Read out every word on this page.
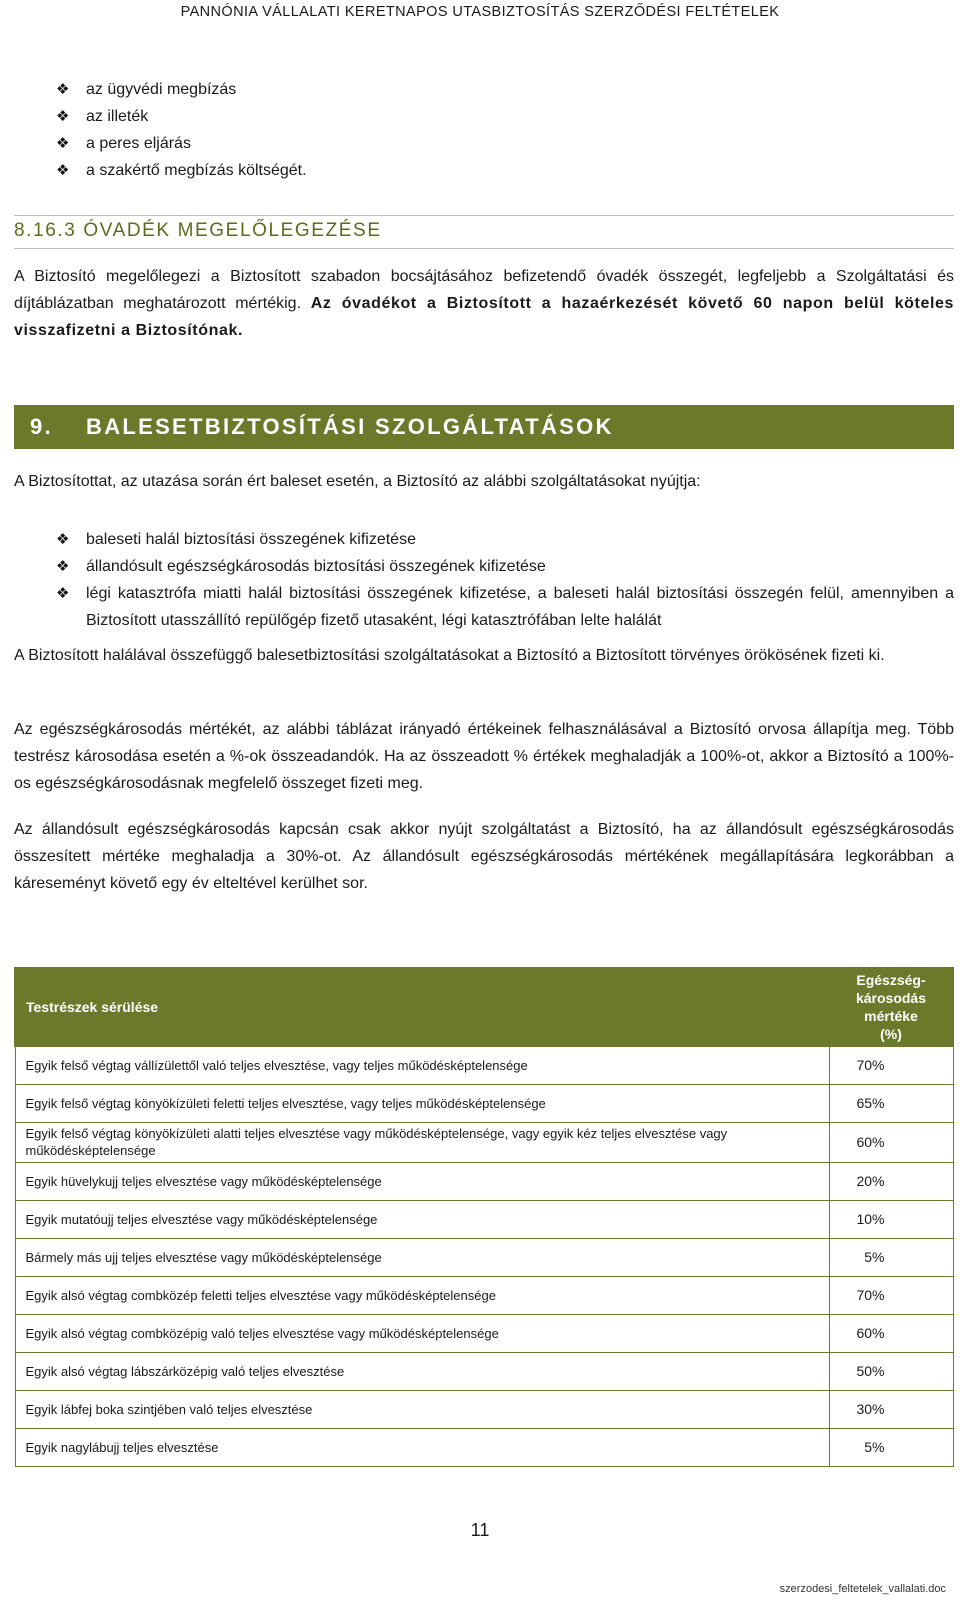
PANNÓNIA VÁLLALATI KERETNAPOS UTASBIZTOSÍTÁS SZERZŐDÉSI FELTÉTELEK
❖ az ügyvédi megbízás
❖ az illeték
❖ a peres eljárás
❖ a szakértő megbízás költségét.
8.16.3 ÓVADÉK MEGELŐLEGEZÉSE

A Biztosító megelőlegezi a Biztosított szabadon bocsájtásához befizetendő óvadék összegét, legfeljebb a Szolgáltatási és díjtáblázatban meghatározott mértékig. Az óvadékot a Biztosított a hazaérkezését követő 60 napon belül köteles visszafizetni a Biztosítónak.

9. BALESETBIZTOSÍTÁSI SZOLGÁLTATÁSOK

A Biztosítottat, az utazása során ért baleset esetén, a Biztosító az alábbi szolgáltatásokat nyújtja:

❖ baleseti halál biztosítási összegének kifizetése
❖ állandósult egészségkárosodás biztosítási összegének kifizetése
❖ légi katasztrófa miatti halál biztosítási összegének kifizetése, a baleseti halál biztosítási összegén felül, amennyiben a Biztosított utasszállító repülőgép fizető utasaként, légi katasztrófában lelte halálát

A Biztosított halálával összefüggő balesetbiztosítási szolgáltatásokat a Biztosító a Biztosított törvényes örökösének fizeti ki.

Az egészségkárosodás mértékét, az alábbi táblázat irányadó értékeinek felhasználásával a Biztosító orvosa állapítja meg. Több testrész károsodása esetén a %-ok összeadandók. Ha az összeadott % értékek meghaladják a 100%-ot, akkor a Biztosító a 100%-os egészségkárosodásnak megfelelő összeget fizeti meg.

Az állandósult egészségkárosodás kapcsán csak akkor nyújt szolgáltatást a Biztosító, ha az állandósult egészségkárosodás összesített mértéke meghaladja a 30%-ot. Az állandósult egészségkárosodás mértékének megállapítására legkorábban a káreseményt követő egy év elteltével kerülhet sor.

Testrészek sérülése	Egészség-
károsodás
mértéke
(%)
Egyik felső végtag vállízülettől való teljes elvesztése, vagy teljes működésképtelensége	70%
Egyik felső végtag könyökízületi feletti teljes elvesztése, vagy teljes működésképtelensége	65%
Egyik felső végtag könyökízületi alatti teljes elvesztése vagy működésképtelensége, vagy egyik kéz teljes elvesztése vagy működésképtelensége	60%
Egyik hüvelykujj teljes elvesztése vagy működésképtelensége	20%
Egyik mutatóujj teljes elvesztése vagy működésképtelensége	10%
Bármely más ujj teljes elvesztése vagy működésképtelensége	5%
Egyik alsó végtag combközép feletti teljes elvesztése vagy működésképtelensége	70%
Egyik alsó végtag combközépig való teljes elvesztése vagy működésképtelensége	60%
Egyik alsó végtag lábszárközépig való teljes elvesztése	50%
Egyik lábfej boka szintjében való teljes elvesztése	30%
Egyik nagylábujj teljes elvesztése	5%
11
szerzodesi_feltetelek_vallalati.doc
